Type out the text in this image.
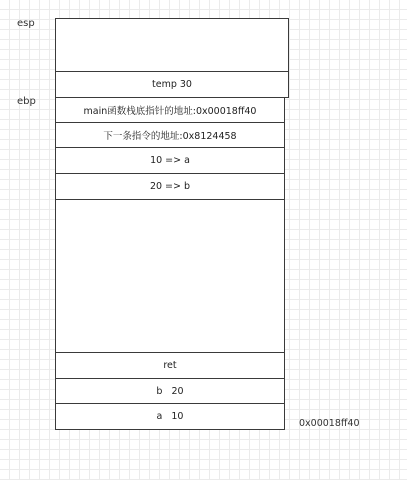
esp
ebp
temp 30
main函数栈底指针的地址:0x00018ff40
下一条指令的地址:0x8124458
10 => a
20 => b
ret
b   20
a   10
0x00018ff40
